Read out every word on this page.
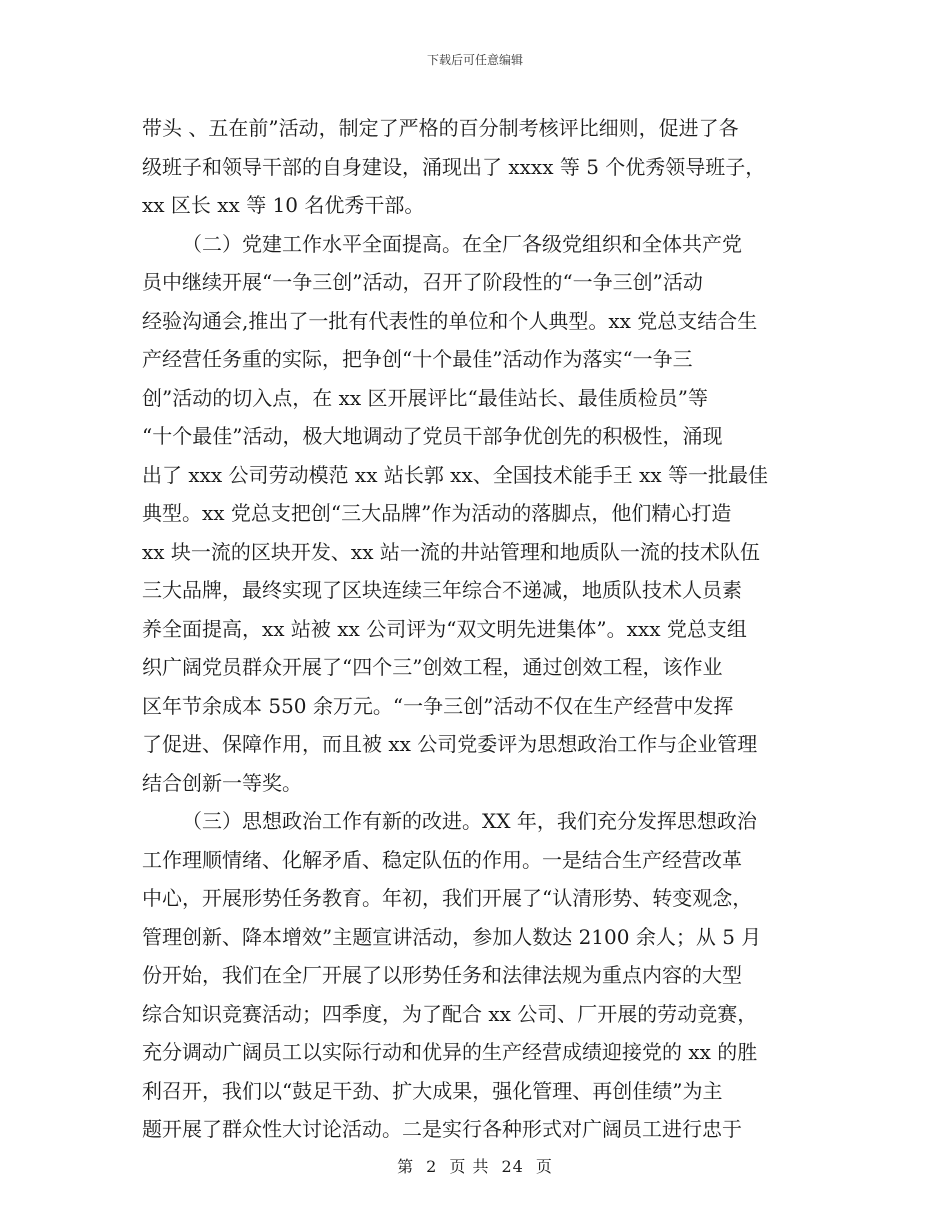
下载后可任意编辑
带头 、五在前”活动，制定了严格的百分制考核评比细则，促进了各
级班子和领导干部的自身建设，涌现出了 xxxx 等 5 个优秀领导班子，
xx 区长 xx 等 10 名优秀干部。
（二）党建工作水平全面提高。在全厂各级党组织和全体共产党
员中继续开展“一争三创”活动，召开了阶段性的“一争三创”活动
经验沟通会,推出了一批有代表性的单位和个人典型。xx 党总支结合生
产经营任务重的实际，把争创“十个最佳”活动作为落实“一争三
创”活动的切入点，在 xx 区开展评比“最佳站长、最佳质检员”等
“十个最佳”活动，极大地调动了党员干部争优创先的积极性，涌现
出了 xxx 公司劳动模范 xx 站长郭 xx、全国技术能手王 xx 等一批最佳
典型。xx 党总支把创“三大品牌”作为活动的落脚点，他们精心打造
xx 块一流的区块开发、xx 站一流的井站管理和地质队一流的技术队伍
三大品牌，最终实现了区块连续三年综合不递减，地质队技术人员素
养全面提高，xx 站被 xx 公司评为“双文明先进集体”。xxx 党总支组
织广阔党员群众开展了“四个三”创效工程，通过创效工程，该作业
区年节余成本 550 余万元。“一争三创”活动不仅在生产经营中发挥
了促进、保障作用，而且被 xx 公司党委评为思想政治工作与企业管理
结合创新一等奖。
（三）思想政治工作有新的改进。XX 年，我们充分发挥思想政治
工作理顺情绪、化解矛盾、稳定队伍的作用。一是结合生产经营改革
中心，开展形势任务教育。年初，我们开展了“认清形势、转变观念，
管理创新、降本增效”主题宣讲活动，参加人数达 2100 余人；从 5 月
份开始，我们在全厂开展了以形势任务和法律法规为重点内容的大型
综合知识竞赛活动；四季度，为了配合 xx 公司、厂开展的劳动竞赛，
充分调动广阔员工以实际行动和优异的生产经营成绩迎接党的 xx 的胜
利召开，我们以“鼓足干劲、扩大成果，强化管理、再创佳绩”为主
题开展了群众性大讨论活动。二是实行各种形式对广阔员工进行忠于
第 2 页 共 24 页
